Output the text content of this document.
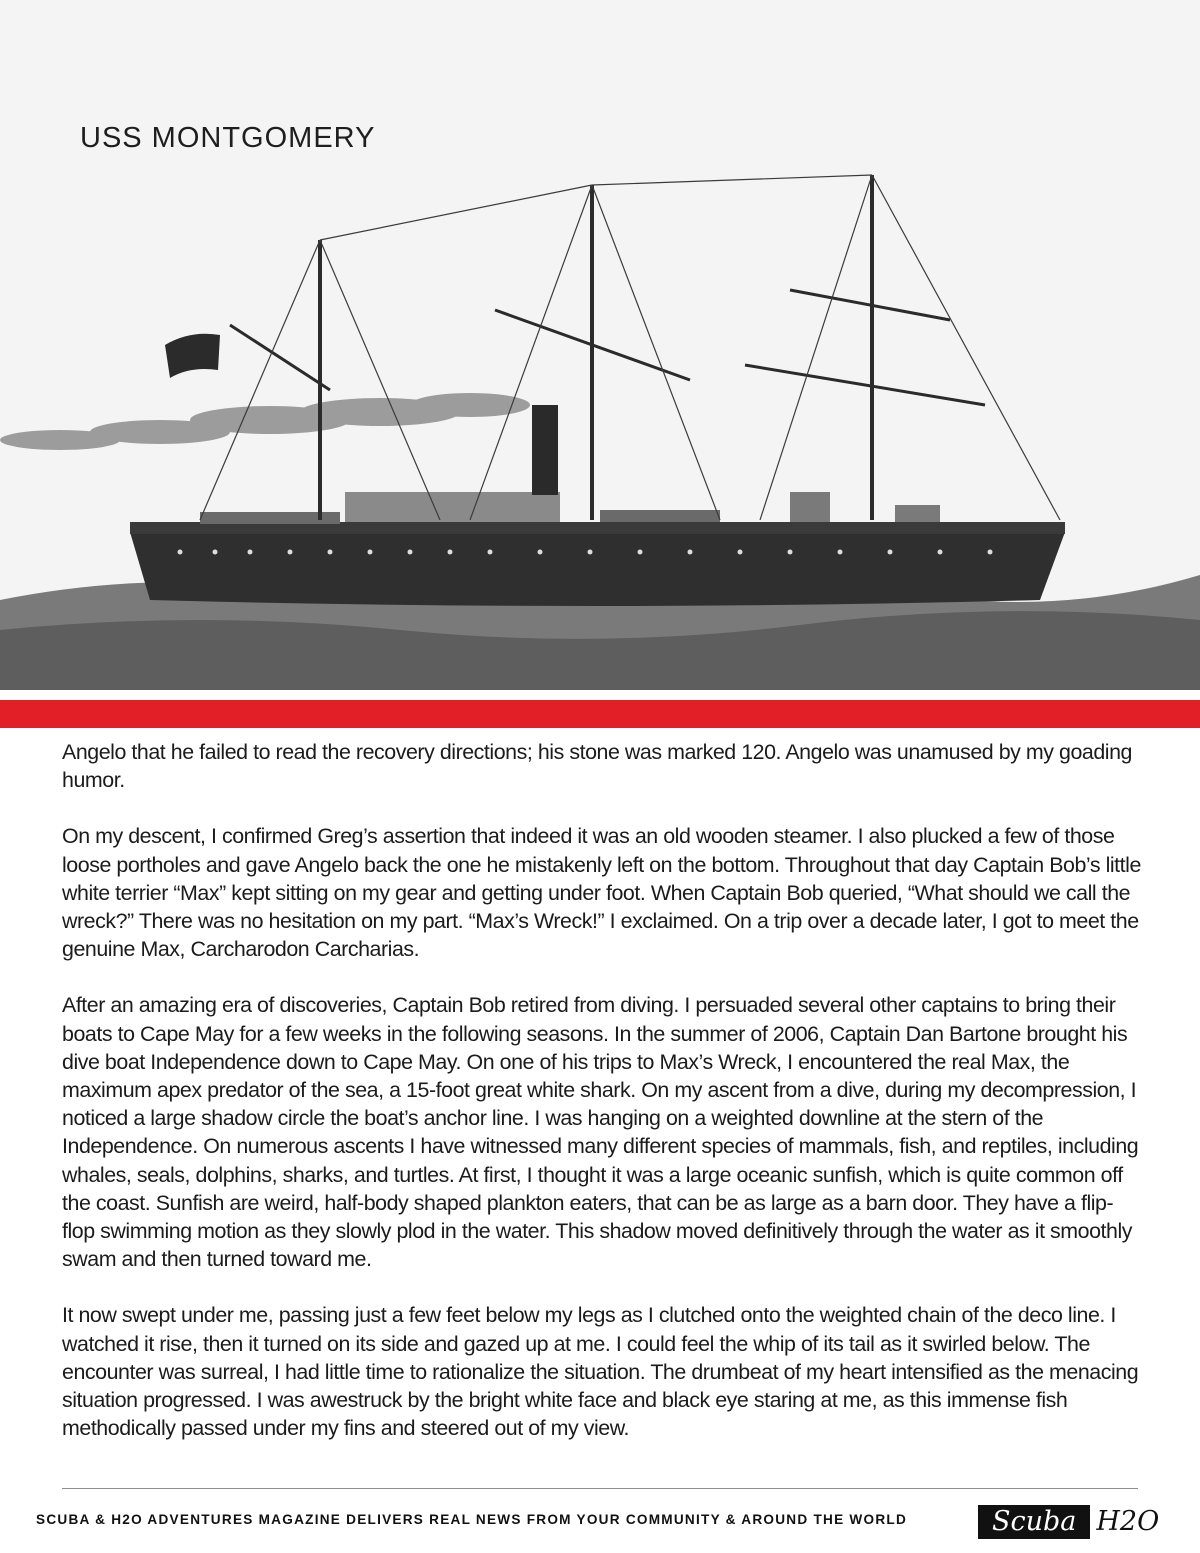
USS MONTGOMERY

Angelo that he failed to read the recovery directions; his stone was marked 120. Angelo was unamused by my goading humor.

On my descent, I confirmed Greg’s assertion that indeed it was an old wooden steamer. I also plucked a few of those loose portholes and gave Angelo back the one he mistakenly left on the bottom. Throughout that day Captain Bob’s little white terrier “Max” kept sitting on my gear and getting under foot. When Captain Bob queried, “What should we call the wreck?” There was no hesitation on my part. “Max’s Wreck!” I exclaimed. On a trip over a decade later, I got to meet the genuine Max, Carcharodon Carcharias.

After an amazing era of discoveries, Captain Bob retired from diving. I persuaded several other captains to bring their boats to Cape May for a few weeks in the following seasons. In the summer of 2006, Captain Dan Bartone brought his dive boat Independence down to Cape May. On one of his trips to Max’s Wreck, I encountered the real Max, the maximum apex predator of the sea, a 15-foot great white shark. On my ascent from a dive, during my decompression, I noticed a large shadow circle the boat’s anchor line. I was hanging on a weighted downline at the stern of the Independence. On numerous ascents I have witnessed many different species of mammals, fish, and reptiles, including whales, seals, dolphins, sharks, and turtles. At first, I thought it was a large oceanic sunfish, which is quite common off the coast. Sunfish are weird, half-body shaped plankton eaters, that can be as large as a barn door. They have a flip-flop swimming motion as they slowly plod in the water. This shadow moved definitively through the water as it smoothly swam and then turned toward me.

It now swept under me, passing just a few feet below my legs as I clutched onto the weighted chain of the deco line. I watched it rise, then it turned on its side and gazed up at me. I could feel the whip of its tail as it swirled below. The encounter was surreal, I had little time to rationalize the situation. The drumbeat of my heart intensified as the menacing situation progressed. I was awestruck by the bright white face and black eye staring at me, as this immense fish methodically passed under my fins and steered out of my view.

SCUBA & H2O ADVENTURES MAGAZINE DELIVERS REAL NEWS FROM YOUR COMMUNITY & AROUND THE WORLD	Scuba H2O
